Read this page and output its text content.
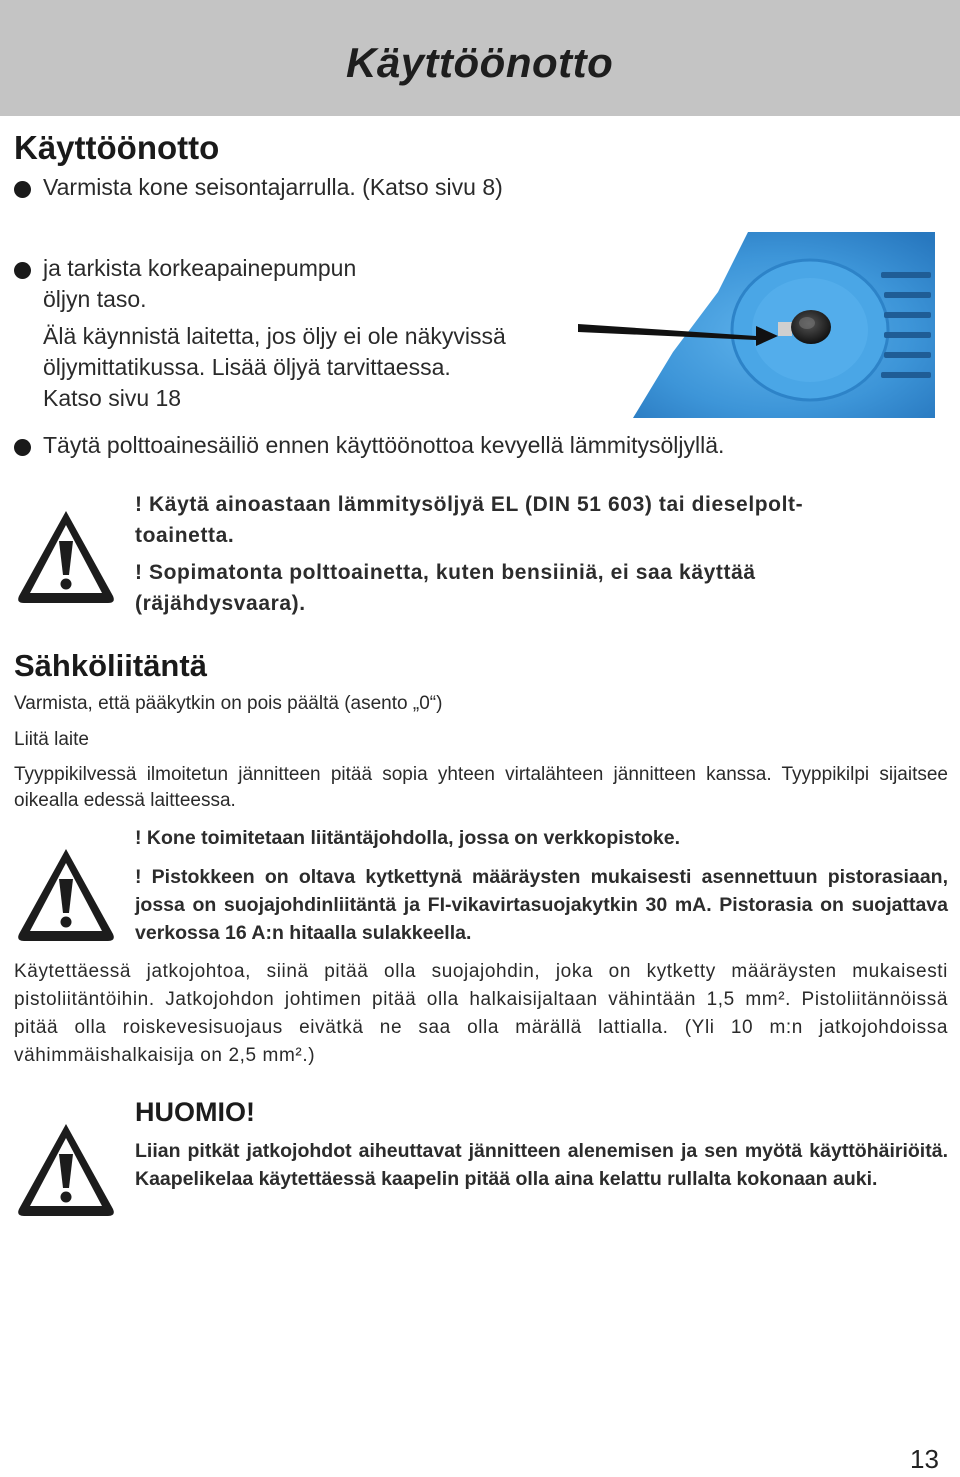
Käyttöönotto
Käyttöönotto

Varmista kone seisontajarrulla. (Katso sivu 8)

ja tarkista korkeapainepumpun

öljyn taso.

Älä käynnistä laitetta, jos öljy ei ole näkyvissä

öljymittatikussa. Lisää öljyä tarvittaessa.

Katso sivu 18

Täytä polttoainesäiliö ennen käyttöönottoa kevyellä lämmitysöljyllä.

! Käytä ainoastaan lämmitysöljyä EL (DIN 51 603) tai dieselpolt-

toainetta.

! Sopimatonta polttoainetta, kuten bensiiniä, ei saa käyttää

(räjähdysvaara).

Sähköliitäntä

Varmista, että pääkytkin on pois päältä (asento „0“)

Liitä laite

Tyyppikilvessä ilmoitetun jännitteen pitää sopia yhteen virtalähteen jännitteen kanssa. Tyyppikilpi sijaitsee oikealla edessä laitteessa.

! Kone toimitetaan liitäntäjohdolla, jossa on verkkopistoke.

! Pistokkeen on oltava kytkettynä määräysten mukaisesti asennettuun pistorasiaan, jossa on suojajohdinliitäntä ja FI-vikavirtasuojakytkin 30 mA. Pistorasia on suojattava verkossa 16 A:n hitaalla sulakkeella.

Käytettäessä jatkojohtoa, siinä pitää olla suojajohdin, joka on kytketty määräysten mukaisesti pistoliitäntöihin. Jatkojohdon johtimen pitää olla halkaisijaltaan vähintään 1,5 mm². Pistoliitännöissä pitää olla roiskevesisuojaus eivätkä ne saa olla märällä lattialla. (Yli 10 m:n jatkojohdoissa vähimmäishalkaisija on 2,5 mm².)

HUOMIO!

Liian pitkät jatkojohdot aiheuttavat jännitteen alenemisen ja sen myötä käyttöhäiriöitä. Kaapelikelaa käytettäessä kaapelin pitää olla aina kelattu rullalta kokonaan auki.

13
